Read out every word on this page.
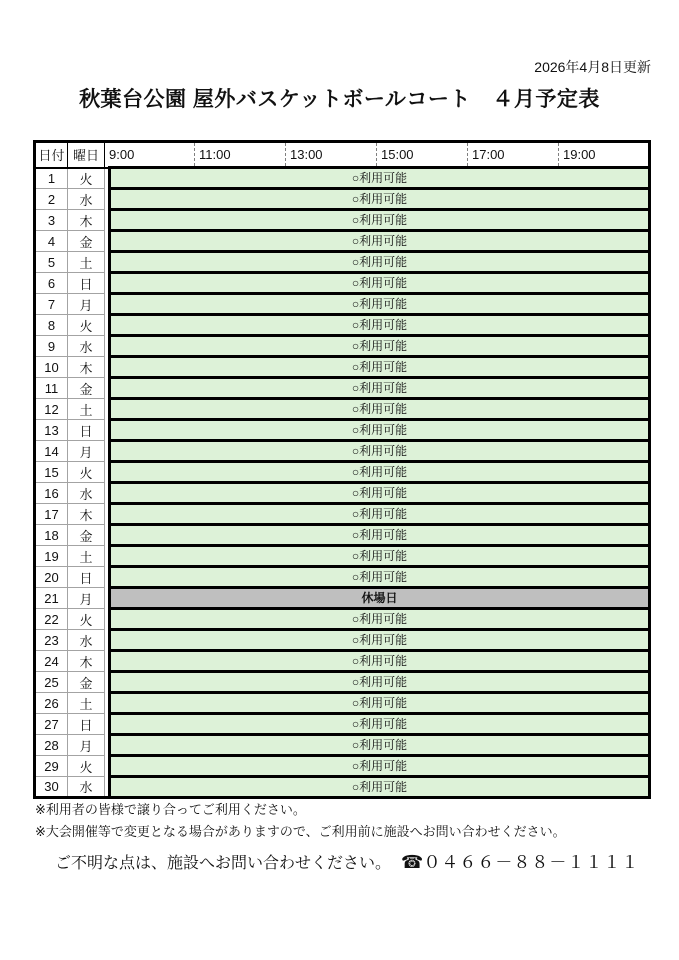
2026年4月8日更新
秋葉台公園 屋外バスケットボールコート　４月予定表
日付	曜日	9:00		11:00	13:00	15:00	17:00	19:00
1	火		○利用可能					
2	水		○利用可能					
3	木		○利用可能					
4	金		○利用可能					
5	土		○利用可能					
6	日		○利用可能					
7	月		○利用可能					
8	火		○利用可能					
9	水		○利用可能					
10	木		○利用可能					
11	金		○利用可能					
12	土		○利用可能					
13	日		○利用可能					
14	月		○利用可能					
15	火		○利用可能					
16	水		○利用可能					
17	木		○利用可能					
18	金		○利用可能					
19	土		○利用可能					
20	日		○利用可能					
21	月		休場日					
22	火		○利用可能					
23	水		○利用可能					
24	木		○利用可能					
25	金		○利用可能					
26	土		○利用可能					
27	日		○利用可能					
28	月		○利用可能					
29	火		○利用可能					
30	水		○利用可能					
※利用者の皆様で譲り合ってご利用ください。
※大会開催等で変更となる場合がありますので、ご利用前に施設へお問い合わせください。
ご不明な点は、施設へお問い合わせください。 ☎０４６６－８８－１１１１
